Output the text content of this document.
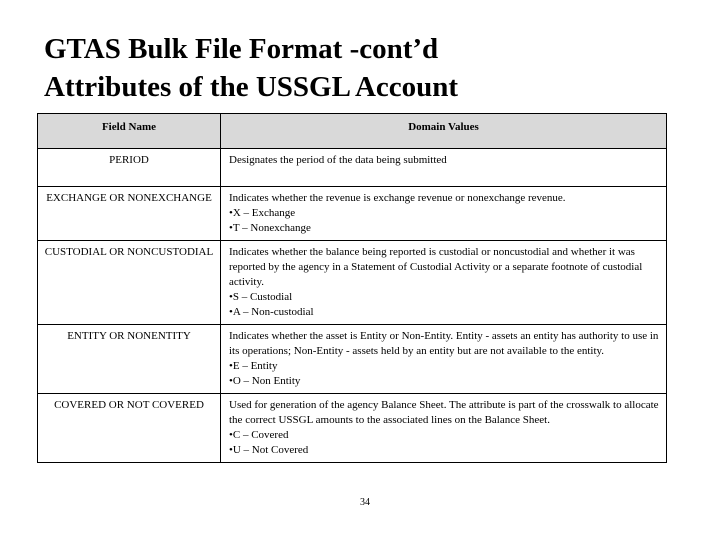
GTAS Bulk File Format -cont’d
Attributes of the USSGL Account
Field Name	Domain Values
PERIOD	Designates the period of the data being submitted
EXCHANGE OR NONEXCHANGE	Indicates whether the revenue is exchange revenue or nonexchange revenue.
•X – Exchange
•T – Nonexchange

CUSTODIAL OR NONCUSTODIAL	Indicates whether the balance being reported is custodial or noncustodial and whether it was reported by the agency in a Statement of Custodial Activity or a separate footnote of custodial activity.
•S – Custodial
•A – Non-custodial

ENTITY OR NONENTITY	Indicates whether the asset is Entity or Non-Entity. Entity - assets an entity has authority to use in its operations; Non-Entity - assets held by an entity but are not available to the entity.
•E – Entity
•O – Non Entity

COVERED OR NOT COVERED	Used for generation of the agency Balance Sheet. The attribute is part of the crosswalk to allocate the correct USSGL amounts to the associated lines on the Balance Sheet.
•C – Covered
•U – Not Covered
34
